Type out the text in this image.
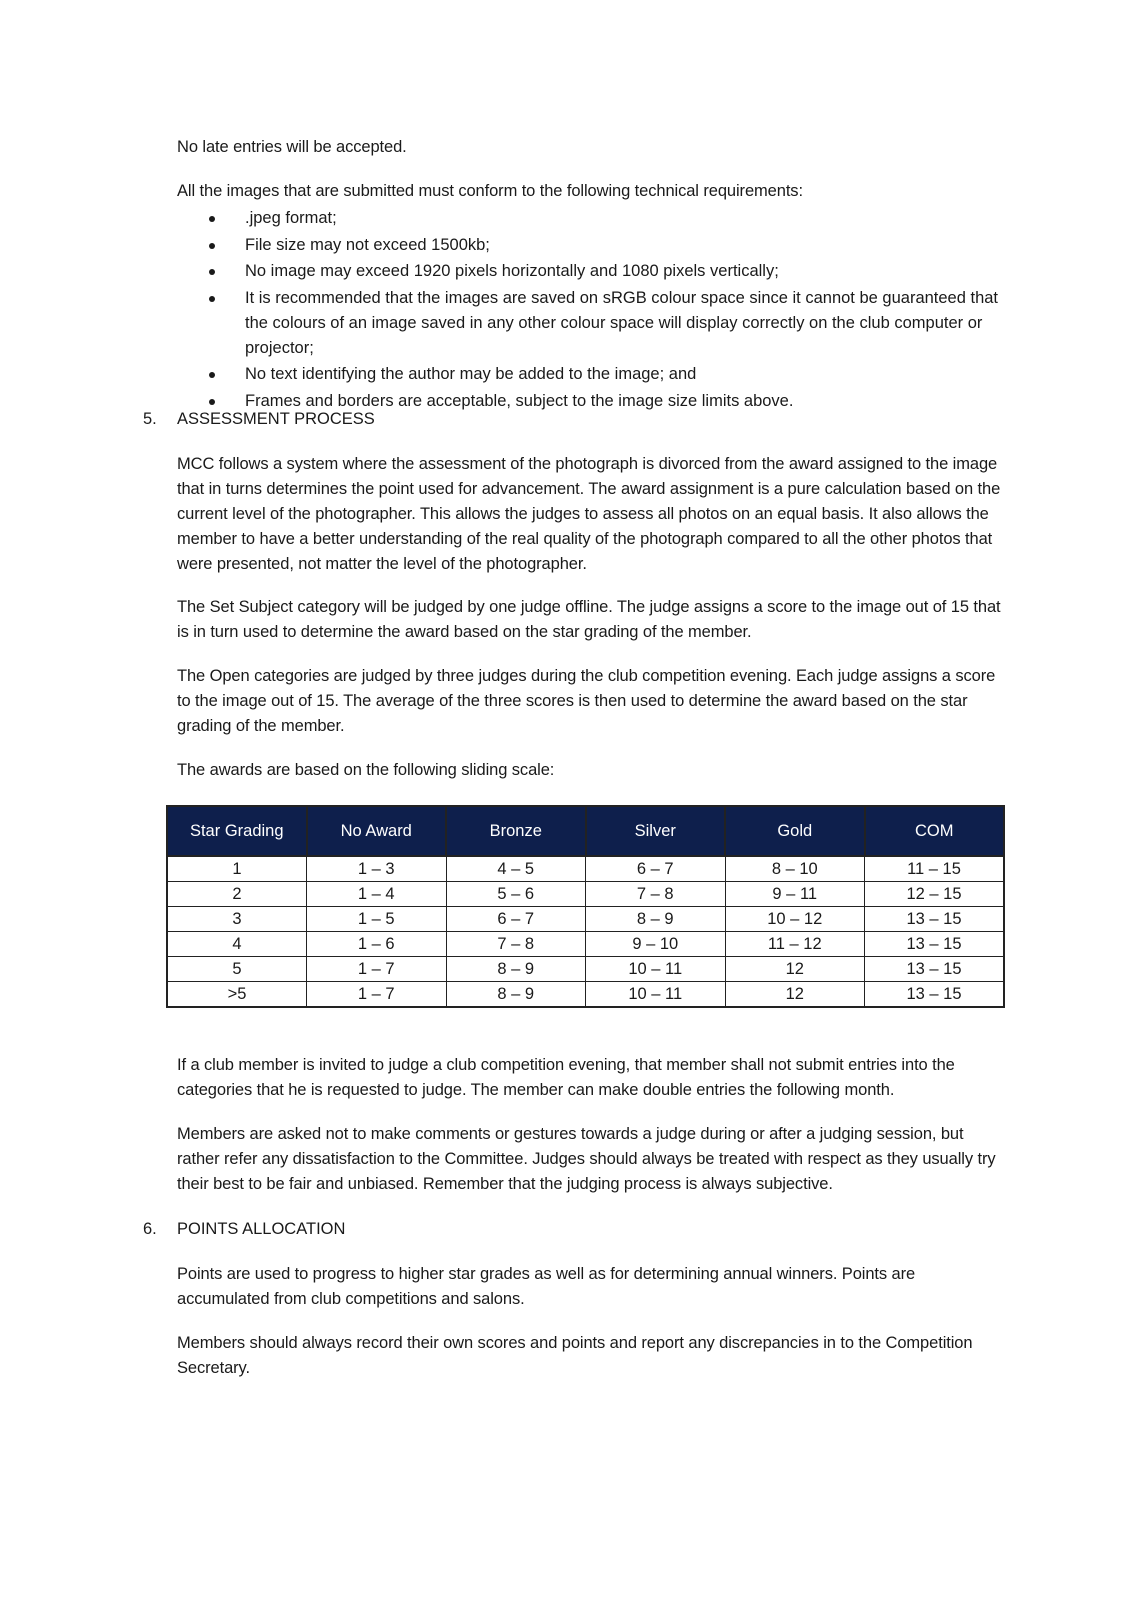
No late entries will be accepted.

All the images that are submitted must conform to the following technical requirements:

.jpeg format;
File size may not exceed 1500kb;
No image may exceed 1920 pixels horizontally and 1080 pixels vertically;
It is recommended that the images are saved on sRGB colour space since it cannot be guaranteed that the colours of an image saved in any other colour space will display correctly on the club computer or projector;
No text identifying the author may be added to the image; and
Frames and borders are acceptable, subject to the image size limits above.
5. ASSESSMENT PROCESS

MCC follows a system where the assessment of the photograph is divorced from the award assigned to the image that in turns determines the point used for advancement. The award assignment is a pure calculation based on the current level of the photographer. This allows the judges to assess all photos on an equal basis. It also allows the member to have a better understanding of the real quality of the photograph compared to all the other photos that were presented, not matter the level of the photographer.

The Set Subject category will be judged by one judge offline. The judge assigns a score to the image out of 15 that is in turn used to determine the award based on the star grading of the member.

The Open categories are judged by three judges during the club competition evening. Each judge assigns a score to the image out of 15. The average of the three scores is then used to determine the award based on the star grading of the member.

The awards are based on the following sliding scale:

Star Grading	No Award	Bronze	Silver	Gold	COM
1	1 – 3	4 – 5	6 – 7	8 – 10	11 – 15
2	1 – 4	5 – 6	7 – 8	9 – 11	12 – 15
3	1 – 5	6 – 7	8 – 9	10 – 12	13 – 15
4	1 – 6	7 – 8	9 – 10	11 – 12	13 – 15
5	1 – 7	8 – 9	10 – 11	12	13 – 15
>5	1 – 7	8 – 9	10 – 11	12	13 – 15

If a club member is invited to judge a club competition evening, that member shall not submit entries into the categories that he is requested to judge. The member can make double entries the following month.

Members are asked not to make comments or gestures towards a judge during or after a judging session, but rather refer any dissatisfaction to the Committee. Judges should always be treated with respect as they usually try their best to be fair and unbiased. Remember that the judging process is always subjective.

6. POINTS ALLOCATION

Points are used to progress to higher star grades as well as for determining annual winners. Points are accumulated from club competitions and salons.

Members should always record their own scores and points and report any discrepancies in to the Competition Secretary.
